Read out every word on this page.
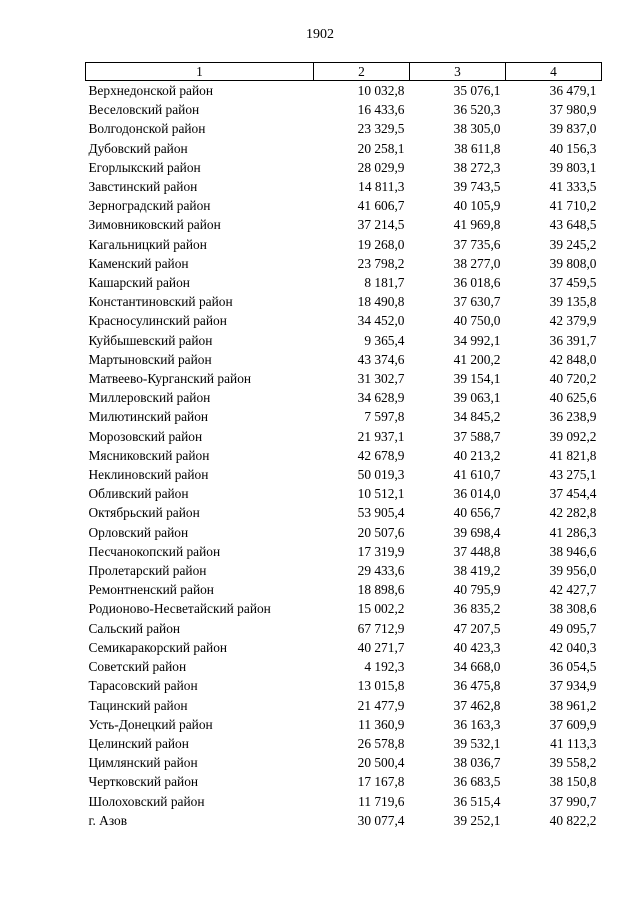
1902
1	2	3	4
Верхнедонской район	10 032,8	35 076,1	36 479,1
Веселовский район	16 433,6	36 520,3	37 980,9
Волгодонской район	23 329,5	38 305,0	39 837,0
Дубовский район	20 258,1	38 611,8	40 156,3
Егорлыкский район	28 029,9	38 272,3	39 803,1
Завстинский район	14 811,3	39 743,5	41 333,5
Зерноградский район	41 606,7	40 105,9	41 710,2
Зимовниковский район	37 214,5	41 969,8	43 648,5
Кагальницкий район	19 268,0	37 735,6	39 245,2
Каменский район	23 798,2	38 277,0	39 808,0
Кашарский район	8 181,7	36 018,6	37 459,5
Константиновский район	18 490,8	37 630,7	39 135,8
Красносулинский район	34 452,0	40 750,0	42 379,9
Куйбышевский район	9 365,4	34 992,1	36 391,7
Мартыновский район	43 374,6	41 200,2	42 848,0
Матвеево-Курганский район	31 302,7	39 154,1	40 720,2
Миллеровский район	34 628,9	39 063,1	40 625,6
Милютинский район	7 597,8	34 845,2	36 238,9
Морозовский район	21 937,1	37 588,7	39 092,2
Мясниковский район	42 678,9	40 213,2	41 821,8
Неклиновский район	50 019,3	41 610,7	43 275,1
Обливский район	10 512,1	36 014,0	37 454,4
Октябрьский район	53 905,4	40 656,7	42 282,8
Орловский район	20 507,6	39 698,4	41 286,3
Песчанокопский район	17 319,9	37 448,8	38 946,6
Пролетарский район	29 433,6	38 419,2	39 956,0
Ремонтненский район	18 898,6	40 795,9	42 427,7
Родионово-Несветайский район	15 002,2	36 835,2	38 308,6
Сальский район	67 712,9	47 207,5	49 095,7
Семикаракорский район	40 271,7	40 423,3	42 040,3
Советский район	4 192,3	34 668,0	36 054,5
Тарасовский район	13 015,8	36 475,8	37 934,9
Тацинский район	21 477,9	37 462,8	38 961,2
Усть-Донецкий район	11 360,9	36 163,3	37 609,9
Целинский район	26 578,8	39 532,1	41 113,3
Цимлянский район	20 500,4	38 036,7	39 558,2
Чертковский район	17 167,8	36 683,5	38 150,8
Шолоховский район	11 719,6	36 515,4	37 990,7
г. Азов	30 077,4	39 252,1	40 822,2
